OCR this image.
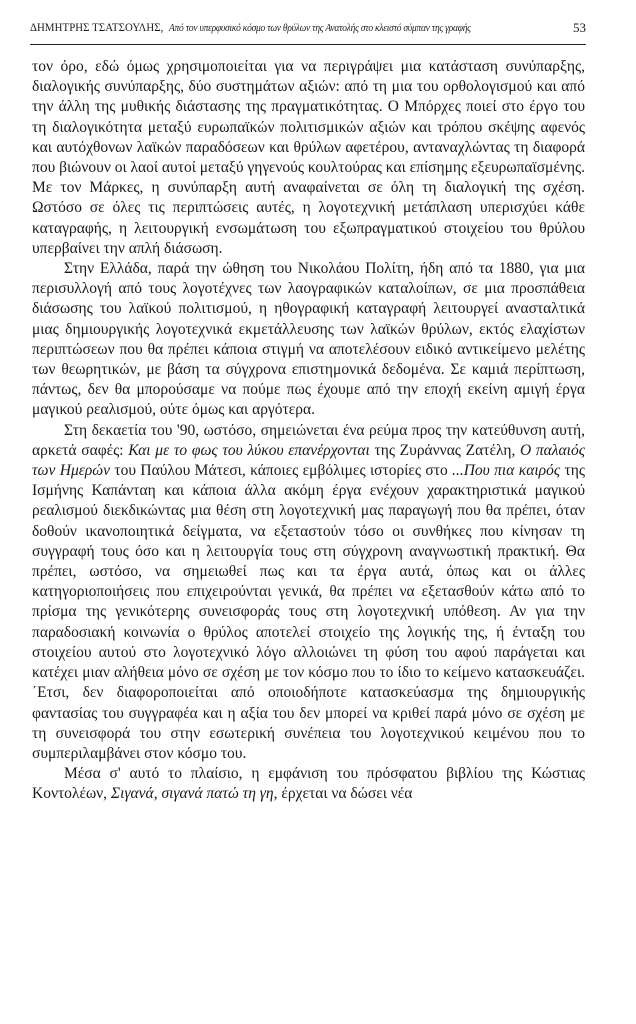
ΔΗΜΗΤΡΗΣ ΤΣΑΤΣΟΥΛΗΣ, Από τον υπερφυσικό κόσμο των θρύλων της Ανατολής στο κλειστό σύμπαν της γραφής	53

τον όρο, εδώ όμως χρησιμοποιείται για να περιγράψει μια κατάσταση συνύπαρξης, διαλογικής συνύπαρξης, δύο συστημάτων αξιών: από τη μια του ορθολογισμού και από την άλλη της μυθικής διάστασης της πραγματικότητας. Ο Μπόρχες ποιεί στο έργο του τη διαλογικότητα μεταξύ ευρωπαϊκών πολιτισμικών αξιών και τρόπου σκέψης αφενός και αυτόχθονων λαϊκών παραδόσεων και θρύλων αφετέρου, ανταναχλώντας τη διαφορά που βιώνουν οι λαοί αυτοί μεταξύ γηγενούς κουλτούρας και επίσημης εξευρωπαϊσμένης. Με τον Μάρκες, η συνύπαρξη αυτή αναφαίνεται σε όλη τη διαλογική της σχέση. Ωστόσο σε όλες τις περιπτώσεις αυτές, η λογοτεχνική μετάπλαση υπερισχύει κάθε καταγραφής, η λειτουργική ενσωμάτωση του εξωπραγματικού στοιχείου του θρύλου υπερβαίνει την απλή διάσωση.

Στην Ελλάδα, παρά την ώθηση του Νικολάου Πολίτη, ήδη από τα 1880, για μια περισυλλογή από τους λογοτέχνες των λαογραφικών καταλοίπων, σε μια προσπάθεια διάσωσης του λαϊκού πολιτισμού, η ηθογραφική καταγραφή λειτουργεί ανασταλτικά μιας δημιουργικής λογοτεχνικά εκμετάλλευσης των λαϊκών θρύλων, εκτός ελαχίστων περιπτώσεων που θα πρέπει κάποια στιγμή να αποτελέσουν ειδικό αντικείμενο μελέτης των θεωρητικών, με βάση τα σύγχρονα επιστημονικά δεδομένα. Σε καμιά περίπτωση, πάντως, δεν θα μπορούσαμε να πούμε πως έχουμε από την εποχή εκείνη αμιγή έργα μαγικού ρεαλισμού, ούτε όμως και αργότερα.

Στη δεκαετία του '90, ωστόσο, σημειώνεται ένα ρεύμα προς την κατεύθυνση αυτή, αρκετά σαφές: Και με το φως του λύκου επανέρχονται της Ζυράννας Ζατέλη, Ο παλαιός των Ημερών του Παύλου Μάτεσι, κάποιες εμβόλιμες ιστορίες στο ...Που πια καιρός της Ισμήνης Καπάνταη και κάποια άλλα ακόμη έργα ενέχουν χαρακτηριστικά μαγικού ρεαλισμού διεκδικώντας μια θέση στη λογοτεχνική μας παραγωγή που θα πρέπει, όταν δοθούν ικανοποιητικά δείγματα, να εξεταστούν τόσο οι συνθήκες που κίνησαν τη συγγραφή τους όσο και η λειτουργία τους στη σύγχρονη αναγνωστική πρακτική. Θα πρέπει, ωστόσο, να σημειωθεί πως και τα έργα αυτά, όπως και οι άλλες κατηγοριοποιήσεις που επιχειρούνται γενικά, θα πρέπει να εξετασθούν κάτω από το πρίσμα της γενικότερης συνεισφοράς τους στη λογοτεχνική υπόθεση. Αν για την παραδοσιακή κοινωνία ο θρύλος αποτελεί στοιχείο της λογικής της, ή ένταξη του στοιχείου αυτού στο λογοτεχνικό λόγο αλλοιώνει τη φύση του αφού παράγεται και κατέχει μιαν αλήθεια μόνο σε σχέση με τον κόσμο που το ίδιο το κείμενο κατασκευάζει. ΄Ετσι, δεν διαφοροποιείται από οποιοδήποτε κατασκεύασμα της δημιουργικής φαντασίας του συγγραφέα και η αξία του δεν μπορεί να κριθεί παρά μόνο σε σχέση με τη συνεισφορά του στην εσωτερική συνέπεια του λογοτεχνικού κειμένου που το συμπεριλαμβάνει στον κόσμο του.

Μέσα σ' αυτό το πλαίσιο, η εμφάνιση του πρόσφατου βιβλίου της Κώστιας Κοντολέων, Σιγανά, σιγανά πατώ τη γη, έρχεται να δώσει νέα
